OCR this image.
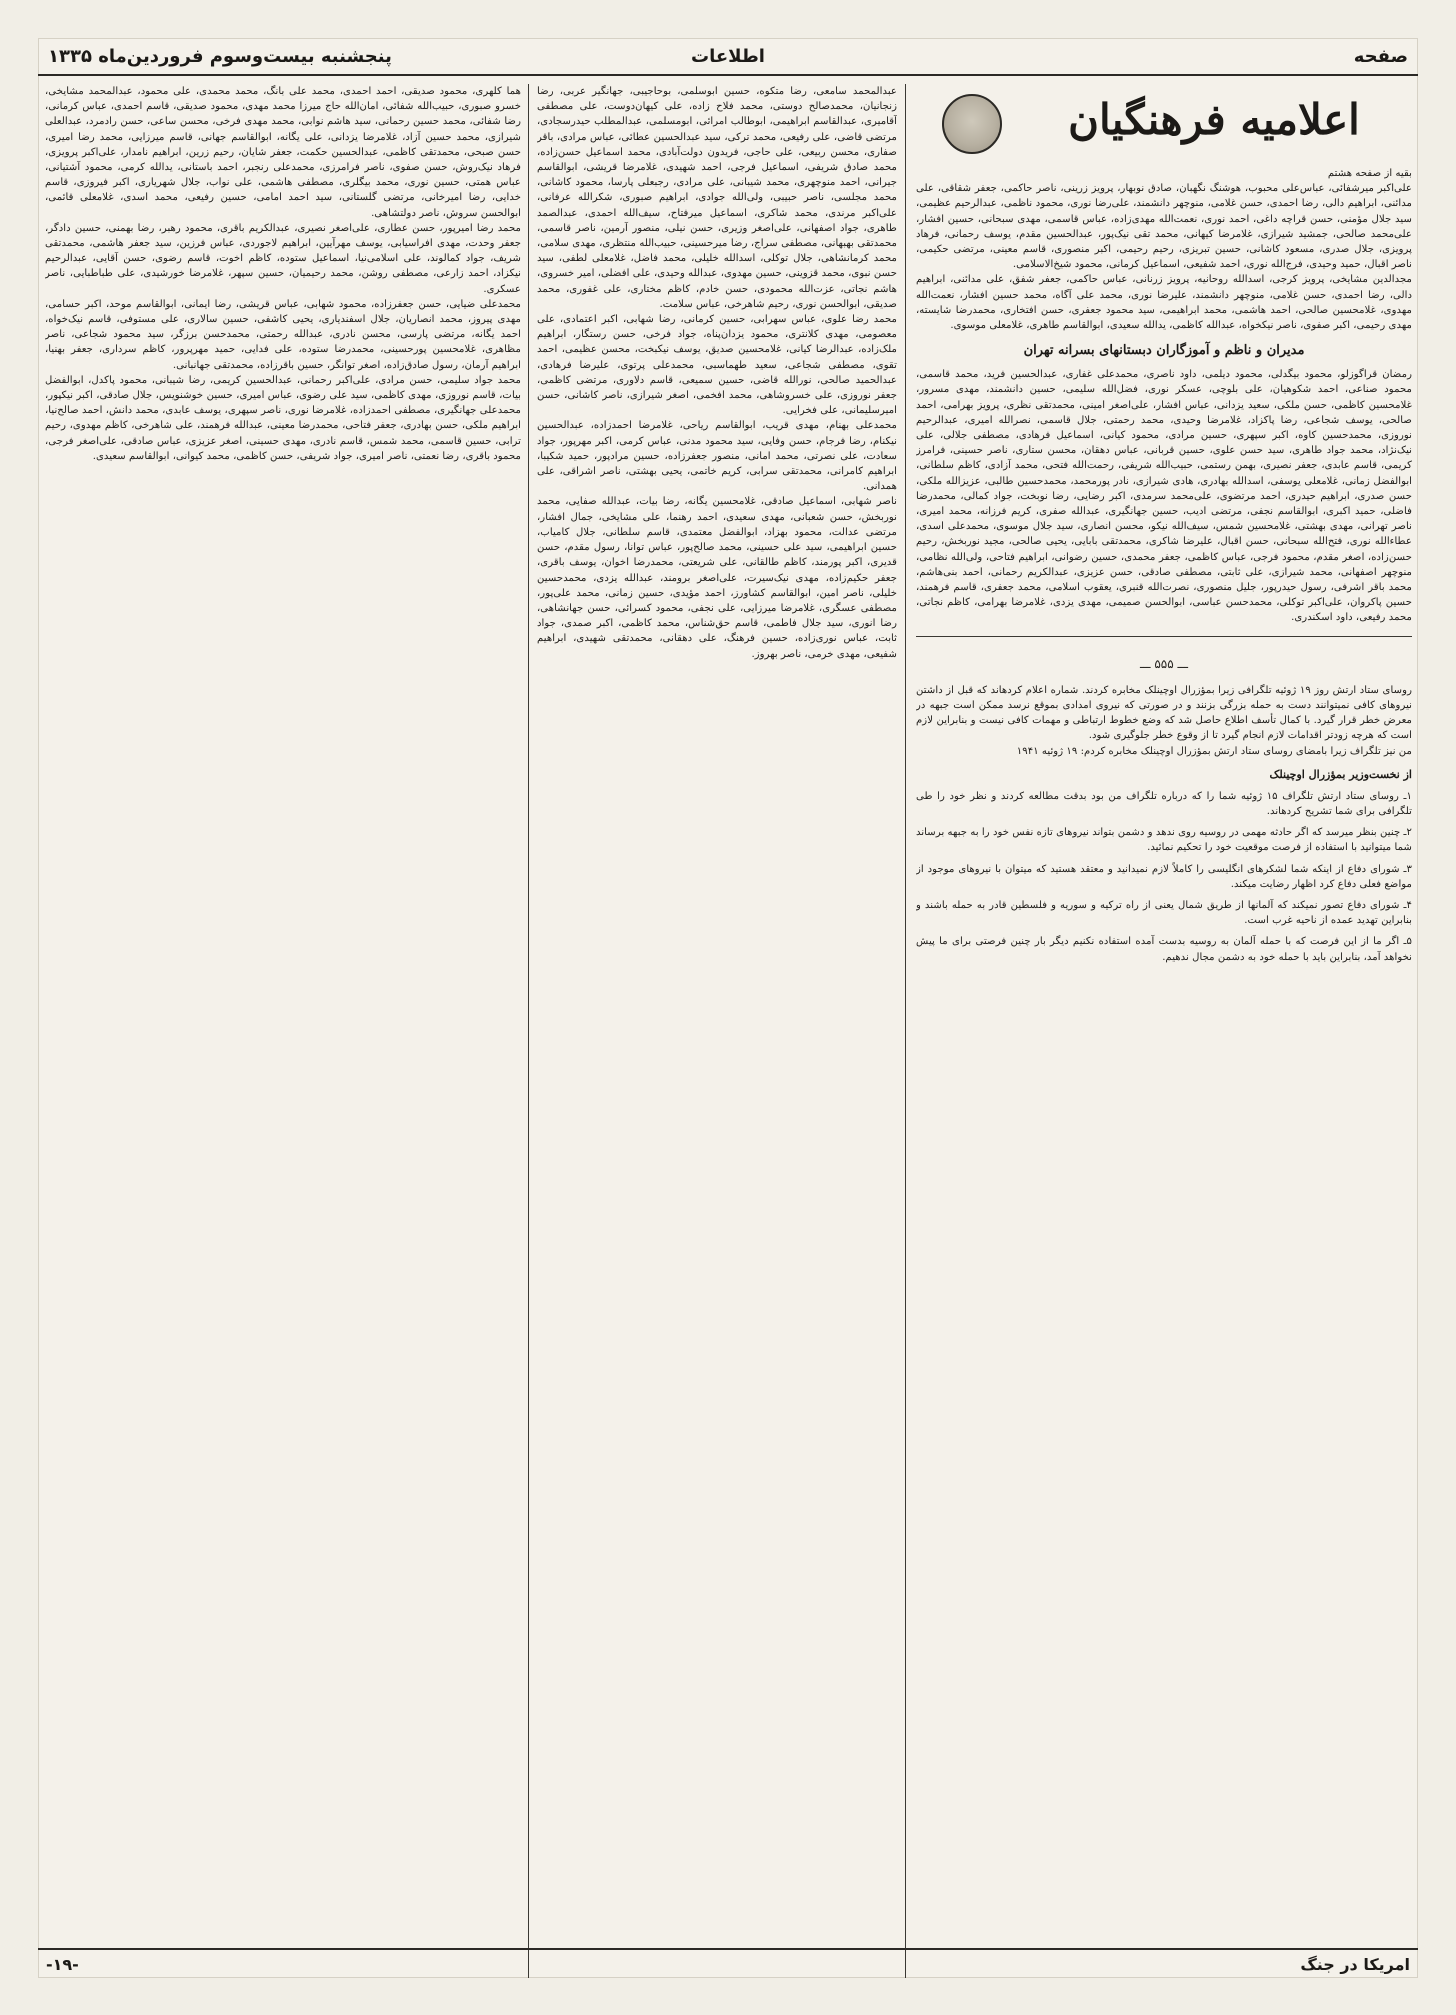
صفحه
اطلاعات
پنجشنبه بیست‌وسوم فروردین‌ماه ۱۳۳۵
اعلامیه فرهنگیان
بقیه از صفحه هشتم
علی‌اکبر میرشفائی، عباس‌علی محبوب، هوشنگ نگهبان، صادق نوبهار، پرویز زرینی، ناصر حاکمی، جعفر شقاقی، علی مدائنی، ابراهیم دالی، رضا احمدی، حسن غلامی، منوچهر دانشمند، علی‌رضا نوری، محمود ناظمی، عبدالرحیم عظیمی، سید جلال مؤمنی، حسن قراچه داغی، احمد نوری، نعمت‌الله مهدی‌زاده، عباس قاسمی، مهدی سبحانی، حسین افشار، علی‌محمد صالحی، جمشید شیرازی، غلامرضا کیهانی، محمد تقی نیک‌پور، عبدالحسین مقدم، یوسف رحمانی، فرهاد پرویزی، جلال صدری، مسعود کاشانی، حسین تبریزی، رحیم رحیمی، اکبر منصوری، قاسم معینی، مرتضی حکیمی، ناصر اقبال، حمید وحیدی، فرج‌الله نوری، احمد شفیعی، اسماعیل کرمانی، محمود شیخ‌الاسلامی.
مجدالدین مشایخی، پرویز کرجی، اسدالله روحانیه، پرویز زرنانی، عباس حاکمی، جعفر شفق، علی مدائنی، ابراهیم دالی، رضا احمدی، حسن غلامی، منوچهر دانشمند، علیرضا نوری، محمد علی آگاه، محمد حسین افشار، نعمت‌الله مهدوی، غلامحسین صالحی، احمد هاشمی، محمد ابراهیمی، سید محمود جعفری، حسن افتخاری، محمدرضا شایسته، مهدی رحیمی، اکبر صفوی، ناصر نیکخواه، عبدالله کاظمی، یدالله سعیدی، ابوالقاسم طاهری، غلامعلی موسوی.
مدیران و ناظم و آموزگاران دبستانهای بسرانه تهران
رمضان قراگوزلو، محمود بیگدلی، محمود دیلمی، داود ناصری، محمدعلی غفاری، عبدالحسین فرید، محمد قاسمی، محمود صناعی، احمد شکوهیان، علی بلوچی، عسکر نوری، فضل‌الله سلیمی، حسین دانشمند، مهدی مسرور، غلامحسین کاظمی، حسن ملکی، سعید یزدانی، عباس افشار، علی‌اصغر امینی، محمدتقی نظری، پرویز بهرامی، احمد صالحی، یوسف شجاعی، رضا پاکزاد، غلامرضا وحیدی، محمد رحمتی، جلال قاسمی، نصرالله امیری، عبدالرحیم نوروزی، محمدحسین کاوه، اکبر سپهری، حسین مرادی، محمود کیانی، اسماعیل فرهادی، مصطفی جلالی، علی نیک‌نژاد، محمد جواد طاهری، سید حسن علوی، حسین قربانی، عباس دهقان، محسن ستاری، ناصر حسینی، فرامرز کریمی، قاسم عابدی، جعفر نصیری، بهمن رستمی، حبیب‌الله شریفی، رحمت‌الله فتحی، محمد آزادی، کاظم سلطانی، ابوالفضل زمانی، غلامعلی یوسفی، اسدالله بهادری، هادی شیرازی، نادر پورمحمد، محمدحسین طالبی، عزیزالله ملکی، حسن صدری، ابراهیم حیدری، احمد مرتضوی، علی‌محمد سرمدی، اکبر رضایی، رضا نوبخت، جواد کمالی، محمدرضا فاضلی، حمید اکبری، ابوالقاسم نجفی، مرتضی ادیب، حسین جهانگیری، عبدالله صفری، کریم فرزانه، محمد امیری، ناصر تهرانی، مهدی بهشتی، غلامحسین شمس، سیف‌الله نیکو، محسن انصاری، سید جلال موسوی، محمدعلی اسدی، عطاءالله نوری، فتح‌الله سبحانی، حسن اقبال، علیرضا شاکری، محمدتقی بابایی، یحیی صالحی، مجید نوربخش، رحیم حسن‌زاده، اصغر مقدم، محمود فرجی، عباس کاظمی، جعفر محمدی، حسین رضوانی، ابراهیم فتاحی، ولی‌الله نظامی، منوچهر اصفهانی، محمد شیرازی، علی ثابتی، مصطفی صادقی، حسن عزیزی، عبدالکریم رحمانی، احمد بنی‌هاشم، محمد باقر اشرفی، رسول حیدرپور، جلیل منصوری، نصرت‌الله قنبری، یعقوب اسلامی، محمد جعفری، قاسم فرهمند، حسین پاکروان، علی‌اکبر توکلی، محمدحسن عباسی، ابوالحسن صمیمی، مهدی یزدی، غلامرضا بهرامی، کاظم نجاتی، محمد رفیعی، داود اسکندری.
ـــ ۵۵۵ ـــ
روسای ستاد ارتش روز ۱۹ ژوئیه تلگرافی زیرا بمؤزرال اوچینلک مخابره کردند. شماره اعلام کردهاند که قبل از داشتن نیروهای کافی نمیتوانند دست به حمله بزرگی بزنند و در صورتی که نیروی امدادی بموقع نرسد ممکن است جبهه در معرض خطر قرار گیرد. با کمال تأسف اطلاع حاصل شد که وضع خطوط ارتباطی و مهمات کافی نیست و بنابراین لازم است که هرچه زودتر اقدامات لازم انجام گیرد تا از وقوع خطر جلوگیری شود.
من نیز تلگراف زیرا بامضای روسای ستاد ارتش بمؤزرال اوچینلک مخابره کردم: ۱۹ ژوئیه ۱۹۴۱
از نخست‌وزیر بمؤزرال اوچینلک
۱ـ روسای ستاد ارتش تلگراف ۱۵ ژوئیه شما را که درباره تلگراف من بود بدقت مطالعه کردند و نظر خود را طی تلگرافی برای شما تشریح کردهاند.
۲ـ چنین بنظر میرسد که اگر حادثه مهمی در روسیه روی ندهد و دشمن بتواند نیروهای تازه نفس خود را به جبهه برساند شما میتوانید با استفاده از فرصت موقعیت خود را تحکیم نمائید.
۳ـ شورای دفاع از اینکه شما لشکرهای انگلیسی را کاملاً لازم نمیدانید و معتقد هستید که میتوان با نیروهای موجود از مواضع فعلی دفاع کرد اظهار رضایت میکند.
۴ـ شورای دفاع تصور نمیکند که آلمانها از طریق شمال یعنی از راه ترکیه و سوریه و فلسطین قادر به حمله باشند و بنابراین تهدید عمده از ناحیه غرب است.
۵ـ اگر ما از این فرصت که با حمله آلمان به روسیه بدست آمده استفاده نکنیم دیگر بار چنین فرصتی برای ما پیش نخواهد آمد، بنابراین باید با حمله خود به دشمن مجال ندهیم.
عبدالمحمد سامعی، رضا متکوه، حسین ابوسلمی، بوحاجیبی، جهانگیر عربی، رضا زنجانیان، محمدصالح دوستی، محمد فلاح زاده، علی کیهان‌دوست، علی مصطفی آقامیری، عبدالقاسم ابراهیمی، ابوطالب امرائی، ابومسلمی، عبدالمطلب حیدرسجادی، مرتضی قاضی، علی رفیعی، محمد ترکی، سید عبدالحسین عطائی، عباس مرادی، باقر صفاری، محسن ربیعی، علی حاجی، فریدون دولت‌آبادی، محمد اسماعیل حسن‌زاده، محمد صادق شریفی، اسماعیل فرجی، احمد شهیدی، غلامرضا قریشی، ابوالقاسم جیرانی، احمد منوچهری، محمد شیبانی، علی مرادی، رجبعلی پارسا، محمود کاشانی، محمد مجلسی، ناصر حبیبی، ولی‌الله جوادی، ابراهیم صبوری، شکرالله عرفانی، علی‌اکبر مرندی، محمد شاکری، اسماعیل میرفتاح، سیف‌الله احمدی، عبدالصمد طاهری، جواد اصفهانی، علی‌اصغر وزیری، حسن نیلی، منصور آرمین، ناصر قاسمی، محمدتقی بهبهانی، مصطفی سراج، رضا میرحسینی، حبیب‌الله منتظری، مهدی سلامی، محمد کرمانشاهی، جلال توکلی، اسدالله خلیلی، محمد فاضل، غلامعلی لطفی، سید حسن نبوی، محمد قزوینی، حسین مهدوی، عبدالله وحیدی، علی افضلی، امیر خسروی، هاشم نجاتی، عزت‌الله محمودی، حسن خادم، کاظم مختاری، علی غفوری، محمد صدیقی، ابوالحسن نوری، رحیم شاهرخی، عباس سلامت.
محمد رضا علوی، عباس سهرابی، حسین کرمانی، رضا شهابی، اکبر اعتمادی، علی معصومی، مهدی کلانتری، محمود یزدان‌پناه، جواد فرخی، حسن رستگار، ابراهیم ملک‌زاده، عبدالرضا کیانی، غلامحسین صدیق، یوسف نیکبخت، محسن عظیمی، احمد تقوی، مصطفی شجاعی، سعید طهماسبی، محمدعلی پرتوی، علیرضا فرهادی، عبدالحمید صالحی، نورالله قاضی، حسین سمیعی، قاسم دلاوری، مرتضی کاظمی، جعفر نوروزی، علی خسروشاهی، محمد افخمی، اصغر شیرازی، ناصر کاشانی، حسن امیرسلیمانی، علی فخرایی.
محمدعلی بهنام، مهدی قریب، ابوالقاسم ریاحی، غلامرضا احمدزاده، عبدالحسین نیکنام، رضا فرجام، حسن وفایی، سید محمود مدنی، عباس کرمی، اکبر مهرپور، جواد سعادت، علی نصرتی، محمد امانی، منصور جعفرزاده، حسین مرادپور، حمید شکیبا، ابراهیم کامرانی، محمدتقی سرابی، کریم خاتمی، یحیی بهشتی، ناصر اشراقی، علی همدانی.
ناصر شهابی، اسماعیل صادقی، غلامحسین یگانه، رضا بیات، عبدالله صفایی، محمد نوربخش، حسن شعبانی، مهدی سعیدی، احمد رهنما، علی مشایخی، جمال افشار، مرتضی عدالت، محمود بهزاد، ابوالفضل معتمدی، قاسم سلطانی، جلال کامیاب، حسین ابراهیمی، سید علی حسینی، محمد صالح‌پور، عباس توانا، رسول مقدم، حسن قدیری، اکبر پورمند، کاظم طالقانی، علی شریعتی، محمدرضا اخوان، یوسف باقری، جعفر حکیم‌زاده، مهدی نیک‌سیرت، علی‌اصغر برومند، عبدالله یزدی، محمدحسین خلیلی، ناصر امین، ابوالقاسم کشاورز، احمد مؤیدی، حسین زمانی، محمد علی‌پور، مصطفی عسگری، غلامرضا میرزایی، علی نجفی، محمود کسرائی، حسن جهانشاهی، رضا انوری، سید جلال فاطمی، قاسم حق‌شناس، محمد کاظمی، اکبر صمدی، جواد ثابت، عباس نوری‌زاده، حسین فرهنگ، علی دهقانی، محمدتقی شهیدی، ابراهیم شفیعی، مهدی خرمی، ناصر بهروز.
هما کلهری، محمود صدیقی، احمد احمدی، محمد علی بانگ، محمد محمدی، علی محمود، عبدالمحمد مشایخی، خسرو صبوری، حبیب‌الله شفائی، امان‌الله حاج میرزا محمد مهدی، محمود صدیقی، قاسم احمدی، عباس کرمانی، رضا شفائی، محمد حسین رحمانی، سید هاشم نوابی، محمد مهدی فرخی، محسن ساعی، حسن رادمرد، عبدالعلی شیرازی، محمد حسین آزاد، غلامرضا یزدانی، علی یگانه، ابوالقاسم جهانی، قاسم میرزایی، محمد رضا امیری، حسن صبحی، محمدتقی کاظمی، عبدالحسین حکمت، جعفر شایان، رحیم زرین، ابراهیم نامدار، علی‌اکبر پرویزی، فرهاد نیک‌روش، حسن صفوی، ناصر فرامرزی، محمدعلی رنجبر، احمد باستانی، یدالله کرمی، محمود آشتیانی، عباس همتی، حسین نوری، محمد بیگلری، مصطفی هاشمی، علی نواب، جلال شهریاری، اکبر فیروزی، قاسم خدایی، رضا امیرخانی، مرتضی گلستانی، سید احمد امامی، حسین رفیعی، محمد اسدی، غلامعلی قائمی، ابوالحسن سروش، ناصر دولتشاهی.
محمد رضا امیرپور، حسن عطاری، علی‌اصغر نصیری، عبدالکریم باقری، محمود رهبر، رضا بهمنی، حسین دادگر، جعفر وحدت، مهدی افراسیابی، یوسف مهرآیین، ابراهیم لاجوردی، عباس فرزین، سید جعفر هاشمی، محمدتقی شریف، جواد کمالوند، علی اسلامی‌نیا، اسماعیل ستوده، کاظم اخوت، قاسم رضوی، حسن آقایی، عبدالرحیم نیکزاد، احمد زارعی، مصطفی روشن، محمد رحیمیان، حسین سپهر، غلامرضا خورشیدی، علی طباطبایی، ناصر عسکری.
محمدعلی ضیایی، حسن جعفرزاده، محمود شهابی، عباس قریشی، رضا ایمانی، ابوالقاسم موحد، اکبر حسامی، مهدی پیروز، محمد انصاریان، جلال اسفندیاری، یحیی کاشفی، حسین سالاری، علی مستوفی، قاسم نیک‌خواه، احمد یگانه، مرتضی پارسی، محسن نادری، عبدالله رحمتی، محمدحسن برزگر، سید محمود شجاعی، ناصر مظاهری، غلامحسین پورحسینی، محمدرضا ستوده، علی فدایی، حمید مهرپرور، کاظم سرداری، جعفر بهنیا، ابراهیم آرمان، رسول صادق‌زاده، اصغر توانگر، حسین باقرزاده، محمدتقی جهانبانی.
محمد جواد سلیمی، حسن مرادی، علی‌اکبر رحمانی، عبدالحسین کریمی، رضا شیبانی، محمود پاکدل، ابوالفضل بیات، قاسم نوروزی، مهدی کاظمی، سید علی رضوی، عباس امیری، حسین خوشنویس، جلال صادقی، اکبر نیکپور، محمدعلی جهانگیری، مصطفی احمدزاده، غلامرضا نوری، ناصر سپهری، یوسف عابدی، محمد دانش، احمد صالح‌نیا، ابراهیم ملکی، حسن بهادری، جعفر فتاحی، محمدرضا معینی، عبدالله فرهمند، علی شاهرخی، کاظم مهدوی، رحیم ترابی، حسین قاسمی، محمد شمس، قاسم نادری، مهدی حسینی، اصغر عزیزی، عباس صادقی، علی‌اصغر فرجی، محمود باقری، رضا نعمتی، ناصر امیری، جواد شریفی، حسن کاظمی، محمد کیوانی، ابوالقاسم سعیدی.
امریکا در جنگ
-۱۹-
